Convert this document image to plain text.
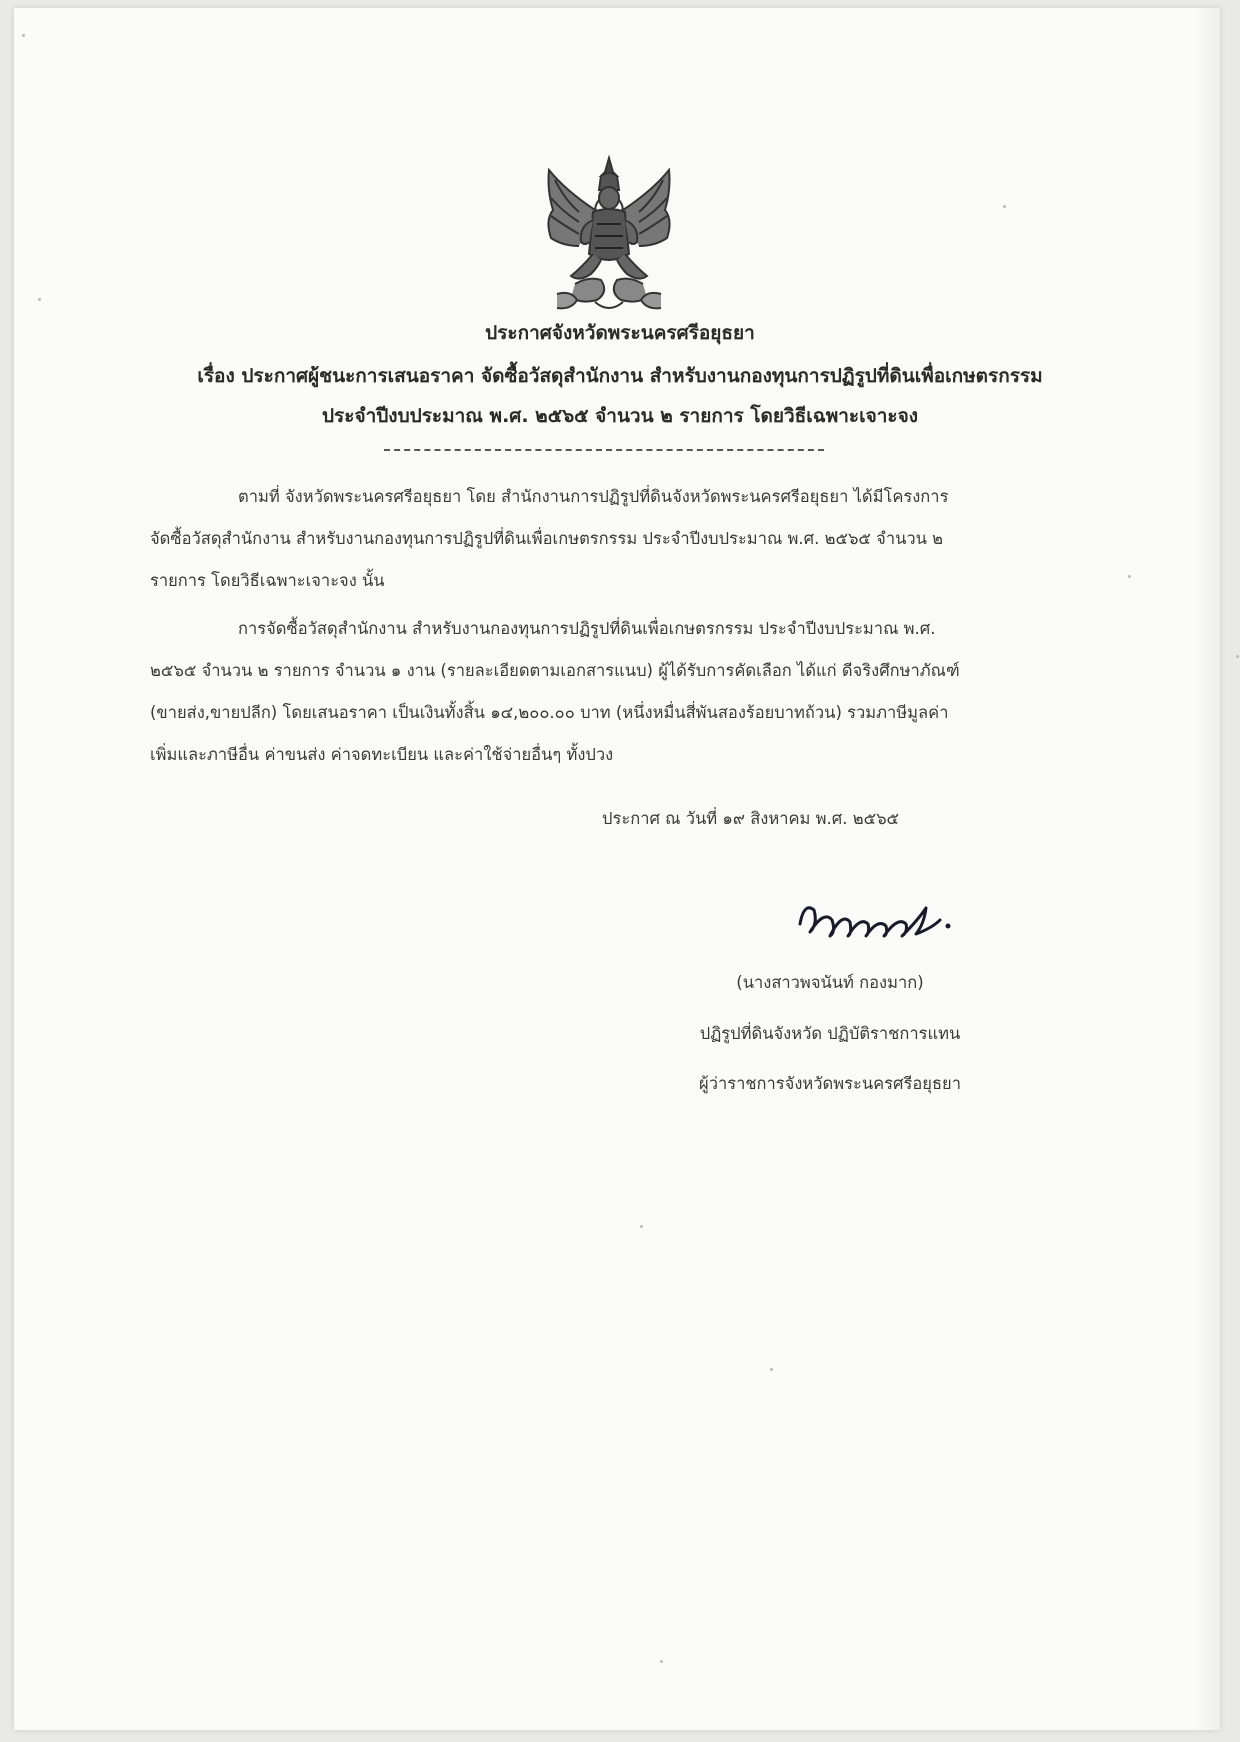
ประกาศจังหวัดพระนครศรีอยุธยา
เรื่อง ประกาศผู้ชนะการเสนอราคา จัดซื้อวัสดุสำนักงาน สำหรับงานกองทุนการปฏิรูปที่ดินเพื่อเกษตรกรรม
ประจำปีงบประมาณ พ.ศ. ๒๕๖๕ จำนวน ๒ รายการ โดยวิธีเฉพาะเจาะจง
ตามที่ จังหวัดพระนครศรีอยุธยา โดย สำนักงานการปฏิรูปที่ดินจังหวัดพระนครศรีอยุธยา ได้มีโครงการ
จัดซื้อวัสดุสำนักงาน สำหรับงานกองทุนการปฏิรูปที่ดินเพื่อเกษตรกรรม ประจำปีงบประมาณ พ.ศ. ๒๕๖๕ จำนวน ๒
รายการ โดยวิธีเฉพาะเจาะจง นั้น
การจัดซื้อวัสดุสำนักงาน สำหรับงานกองทุนการปฏิรูปที่ดินเพื่อเกษตรกรรม ประจำปีงบประมาณ พ.ศ.
๒๕๖๕ จำนวน ๒ รายการ จำนวน ๑ งาน (รายละเอียดตามเอกสารแนบ) ผู้ได้รับการคัดเลือก ได้แก่ ดีจริงศึกษาภัณฑ์
(ขายส่ง,ขายปลีก) โดยเสนอราคา เป็นเงินทั้งสิ้น ๑๔,๒๐๐.๐๐ บาท (หนึ่งหมื่นสี่พันสองร้อยบาทถ้วน) รวมภาษีมูลค่า
เพิ่มและภาษีอื่น ค่าขนส่ง ค่าจดทะเบียน และค่าใช้จ่ายอื่นๆ ทั้งปวง
ประกาศ ณ วันที่ ๑๙ สิงหาคม พ.ศ. ๒๕๖๕
(นางสาวพจนันท์ กองมาก)
ปฏิรูปที่ดินจังหวัด ปฏิบัติราชการแทน
ผู้ว่าราชการจังหวัดพระนครศรีอยุธยา
